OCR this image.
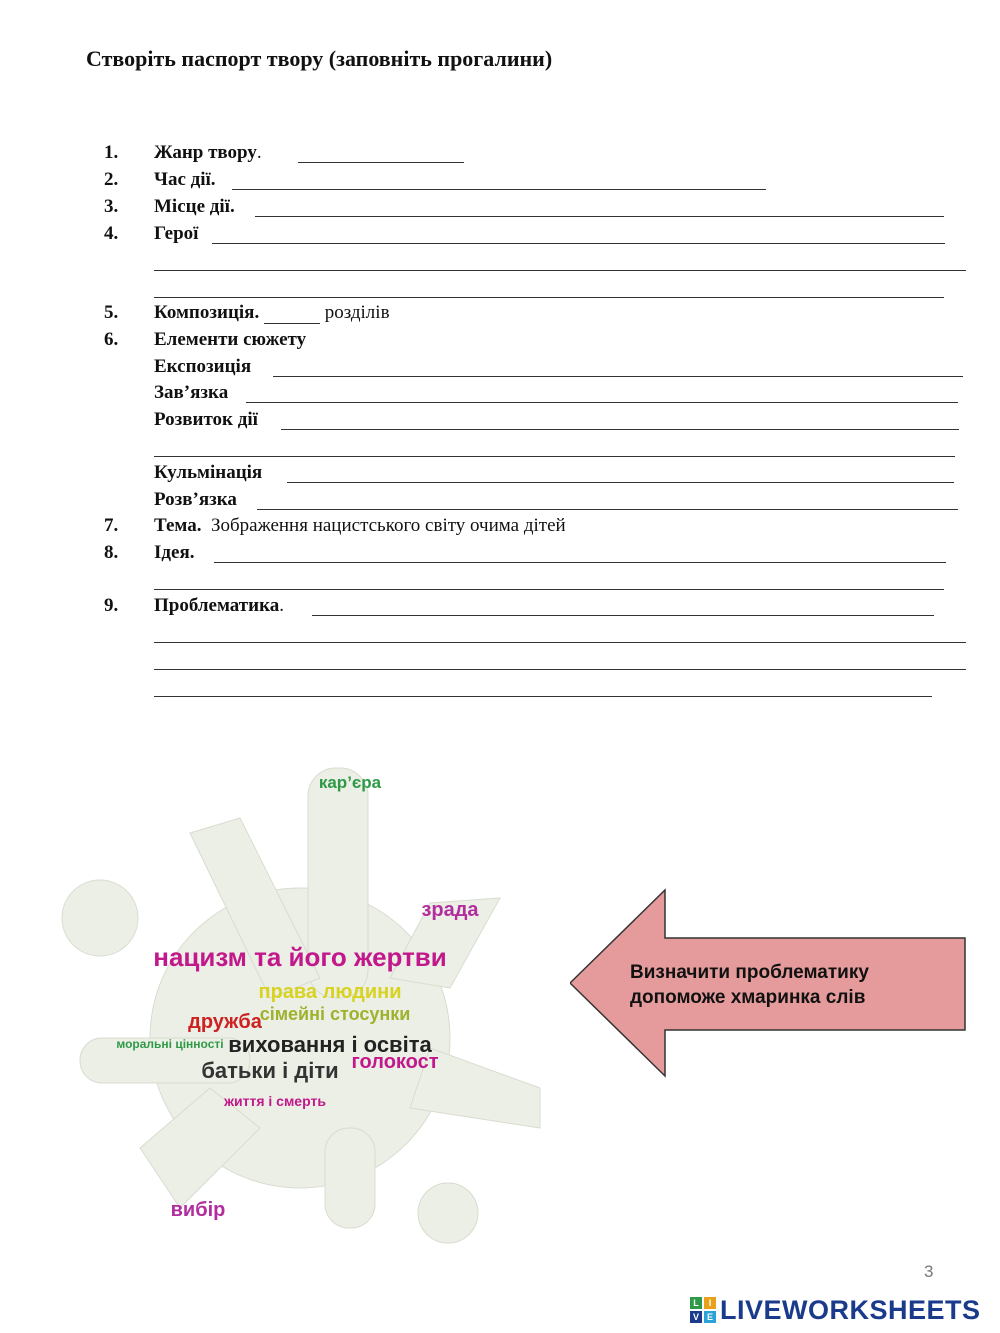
Створіть паспорт твору (заповніть прогалини)
1. Жанр твору.
2. Час дії.
3. Місце дії.
4. Герої
5. Композиція.	розділів
6. Елементи сюжету
Експозиція
Зав’язка
Розвиток дії
Кульмінація
Розв’язка
7. Тема. Зображення нацистського світу очима дітей
8. Ідея.
9. Проблематика.
кар’єра
нацизм та його жертви
зрада
права людини
дружба
сімейні стосунки
виховання і освіта
батьки і діти голокост
вибір
життя і смерть
моральні цінності
Визначити проблематику допоможе хмаринка слів
3
L	I
V E LIVEWORKSHEETS
